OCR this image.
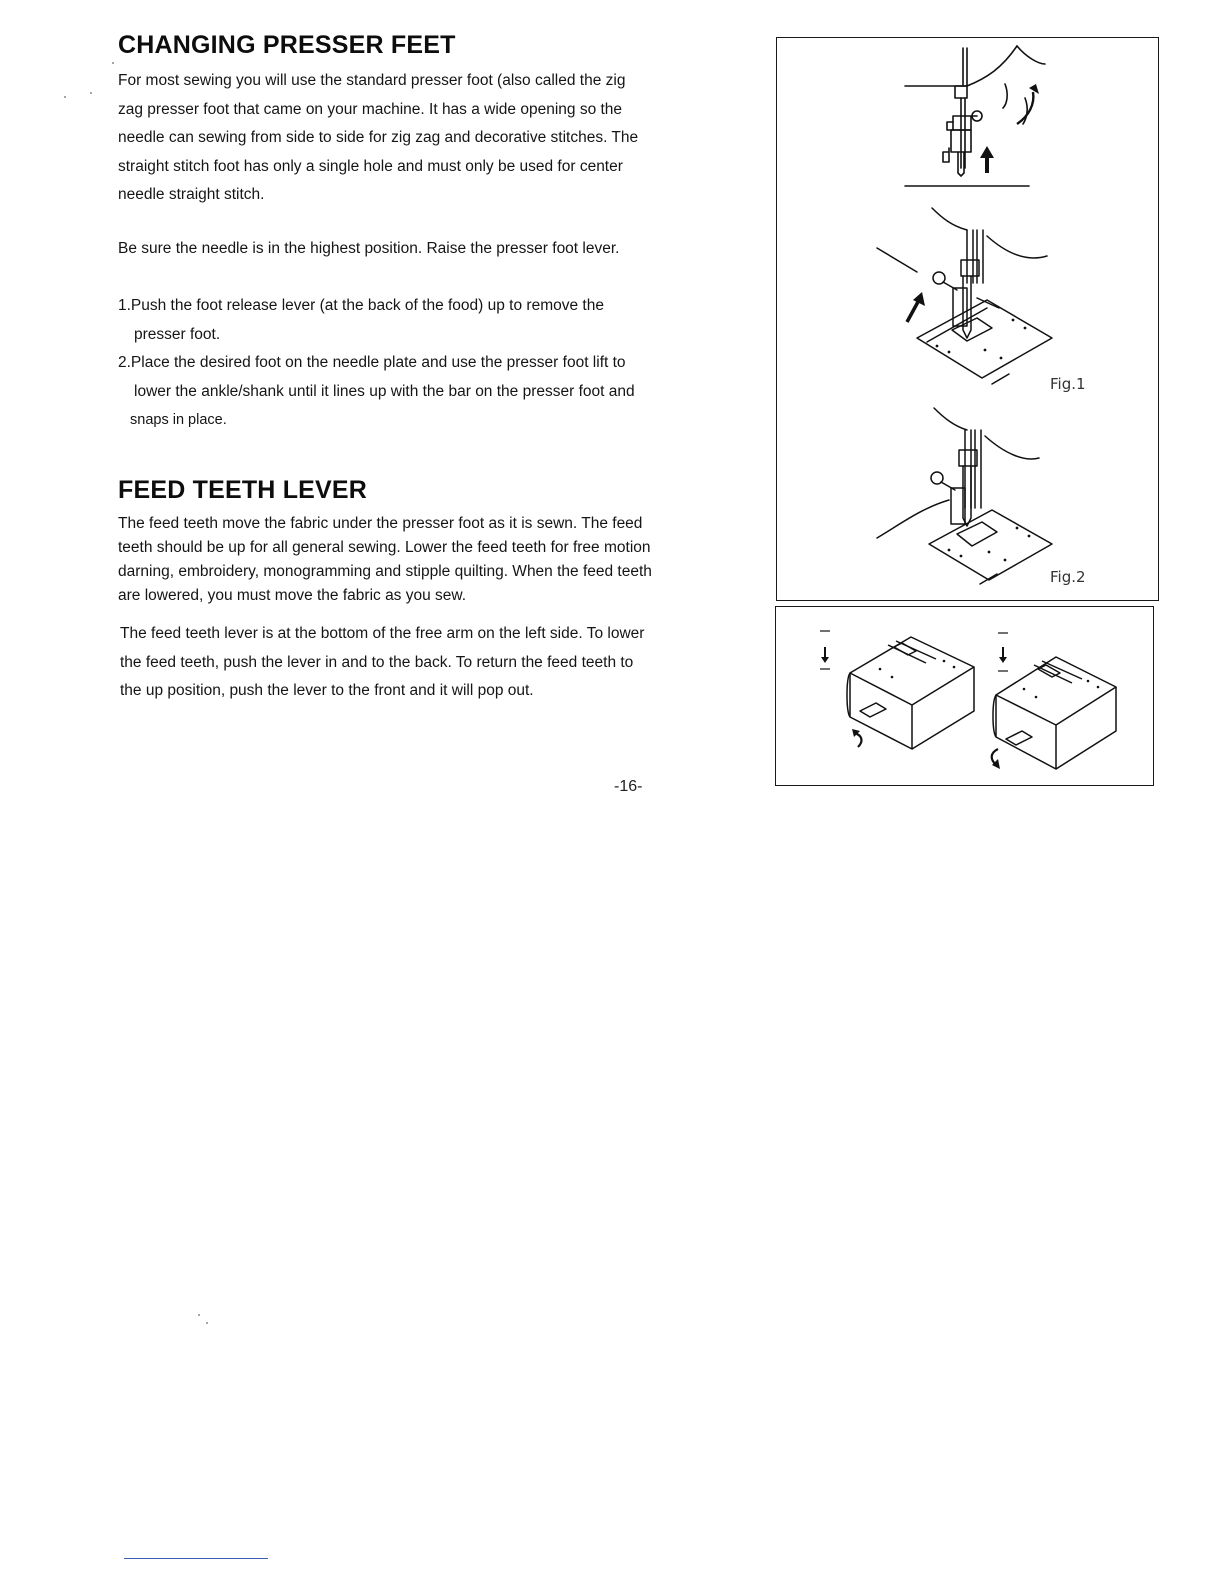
CHANGING PRESSER FEET
For most sewing you will use the standard presser foot (also called the zig
zag presser foot that came on your machine. It has a wide opening so the
needle can sewing from side to side for zig zag and decorative stitches. The
straight stitch foot has only a single hole and must only be used for center
needle straight stitch.

Be sure the needle is in the highest position. Raise the presser foot lever.

1.Push the foot release lever (at the back of the food) up to remove the
presser foot.
2.Place the desired foot on the needle plate and use the presser foot lift to
lower the ankle/shank until it lines up with the bar on the presser foot and
snaps in place.
FEED TEETH LEVER
The feed teeth move the fabric under the presser foot as it is sewn. The feed
teeth should be up for all general sewing. Lower the feed teeth for free motion
darning, embroidery, monogramming and stipple quilting. When the feed teeth
are lowered, you must move the fabric as you sew.
The feed teeth lever is at the bottom of the free arm on the left side. To lower
the feed teeth, push the lever in and to the back. To return the feed teeth to
the up position, push the lever to the front and it will pop out.
-16-
Fig.1
Fig.2
